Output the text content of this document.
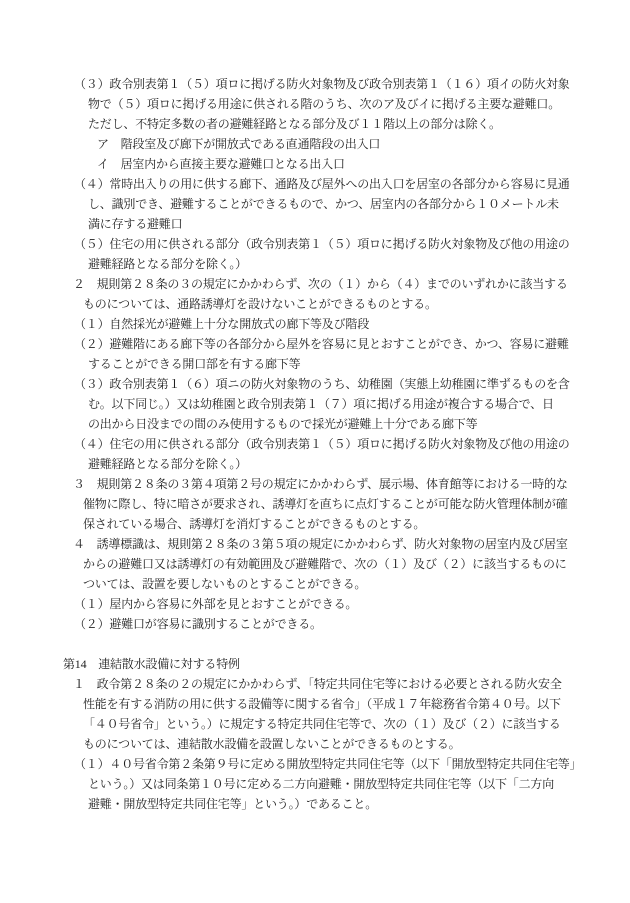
（３）政令別表第１（５）項ロに掲げる防火対象物及び政令別表第１（１６）項イの防火対象
物で（５）項ロに掲げる用途に供される階のうち、次のア及びイに掲げる主要な避難口。
ただし、不特定多数の者の避難経路となる部分及び１１階以上の部分は除く。
ア　階段室及び廊下が開放式である直通階段の出入口
イ　居室内から直接主要な避難口となる出入口
（４）常時出入りの用に供する廊下、通路及び屋外への出入口を居室の各部分から容易に見通
し、識別でき、避難することができるもので、かつ、居室内の各部分から１０メートル未
満に存する避難口
（５）住宅の用に供される部分（政令別表第１（５）項ロに掲げる防火対象物及び他の用途の
避難経路となる部分を除く。）
２　規則第２８条の３の規定にかかわらず、次の（１）から（４）までのいずれかに該当する
ものについては、通路誘導灯を設けないことができるものとする。
（１）自然採光が避難上十分な開放式の廊下等及び階段
（２）避難階にある廊下等の各部分から屋外を容易に見とおすことができ、かつ、容易に避難
することができる開口部を有する廊下等
（３）政令別表第１（６）項ニの防火対象物のうち、幼稚園（実態上幼稚園に準ずるものを含
む。以下同じ。）又は幼稚園と政令別表第１（７）項に掲げる用途が複合する場合で、日
の出から日没までの間のみ使用するもので採光が避難上十分である廊下等
（４）住宅の用に供される部分（政令別表第１（５）項ロに掲げる防火対象物及び他の用途の
避難経路となる部分を除く。）
３　規則第２８条の３第４項第２号の規定にかかわらず、展示場、体育館等における一時的な
催物に際し、特に暗さが要求され、誘導灯を直ちに点灯することが可能な防火管理体制が確
保されている場合、誘導灯を消灯することができるものとする。
４　誘導標識は、規則第２８条の３第５項の規定にかかわらず、防火対象物の居室内及び居室
からの避難口又は誘導灯の有効範囲及び避難階で、次の（１）及び（２）に該当するものに
ついては、設置を要しないものとすることができる。
（１）屋内から容易に外部を見とおすことができる。
（２）避難口が容易に識別することができる。

第14　連結散水設備に対する特例
１　政令第２８条の２の規定にかかわらず、「特定共同住宅等における必要とされる防火安全
性能を有する消防の用に供する設備等に関する省令」（平成１７年総務省令第４０号。以下
「４０号省令」という。）に規定する特定共同住宅等で、次の（１）及び（２）に該当する
ものについては、連結散水設備を設置しないことができるものとする。
（１）４０号省令第２条第９号に定める開放型特定共同住宅等（以下「開放型特定共同住宅等」
という。）又は同条第１０号に定める二方向避難・開放型特定共同住宅等（以下「二方向
避難・開放型特定共同住宅等」という。）であること。
